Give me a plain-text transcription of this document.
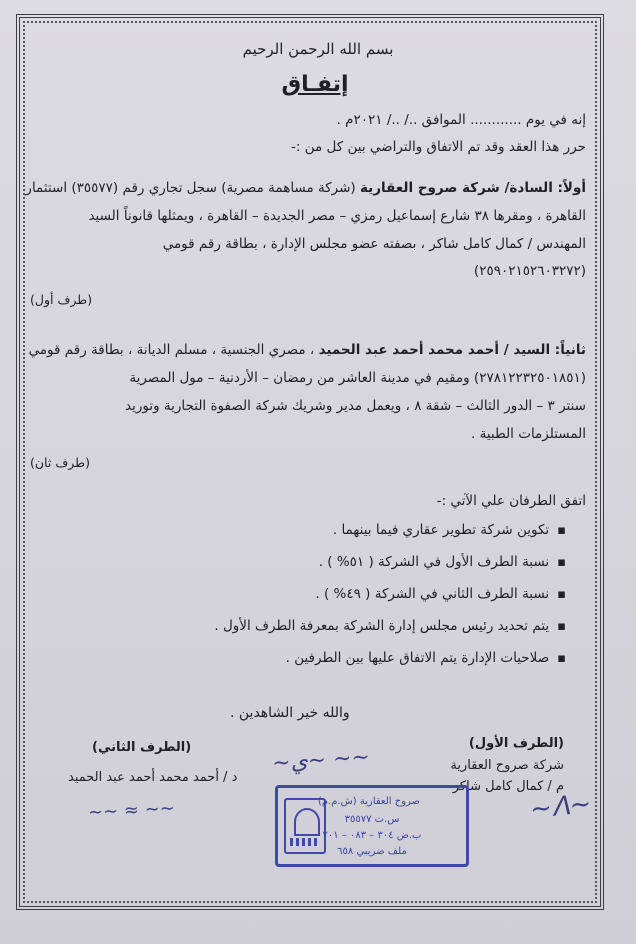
بسم الله الرحمن الرحيم
إتفـاق
إنه في يوم ............ الموافق ../ ../ ٢٠٢١م .
حرر هذا العقد وقد تم الاتفاق والتراضي بين كل من :-
أولاً: السادة/ شركة صروح العقارية (شركة مساهمة مصرية) سجل تجاري رقم (٣٥٥٧٧) استثمار
القاهرة ، ومقرها ٣٨ شارع إسماعيل رمزي – مصر الجديدة – القاهرة ، ويمثلها قانوناً السيد
المهندس / كمال كامل شاكر ، بصفته عضو مجلس الإدارة ، بطاقة رقم قومي
(٢٥٩٠٢١٥٢٦٠٣٢٧٢)
(طرف أول)
ثانياً: السيد / أحمد محمد أحمد عبد الحميد ، مصري الجنسية ، مسلم الديانة ، بطاقة رقم قومي
(٢٧٨١٢٢٣٢٥٠١٨٥١) ومقيم في مدينة العاشر من رمضان – الأردنية – مول المصرية
سنتر ٣ – الدور الثالث – شقة ٨ ، ويعمل مدير وشريك شركة الصفوة التجارية وتوريد
المستلزمات الطبية .
(طرف ثان)
اتفق الطرفان علي الآتي :-
▪ تكوين شركة تطوير عقاري فيما بينهما .
▪ نسبة الطرف الأول في الشركة ( ٥١% ) .
▪ نسبة الطرف الثاني في الشركة ( ٤٩% ) .
▪ يتم تحديد رئيس مجلس إدارة الشركة بمعرفة الطرف الأول .
▪ صلاحيات الإدارة يتم الاتفاق عليها بين الطرفين .
والله خير الشاهدين .
(الطرف الأول)
شركة صروح العقارية
م / كمال كامل شاكر
(الطرف الثاني)
د / أحمد محمد أحمد عبد الحميد
~ي~ ~~
~ⴷ~
~~ ≈ ~~	صروح العقارية (ش.م.م)
س.ت ٣٥٥٧٧
ب.ض ٣٠٤ – ٠٨٣ – ٢٠١
ملف ضريبي ٦٥٨
